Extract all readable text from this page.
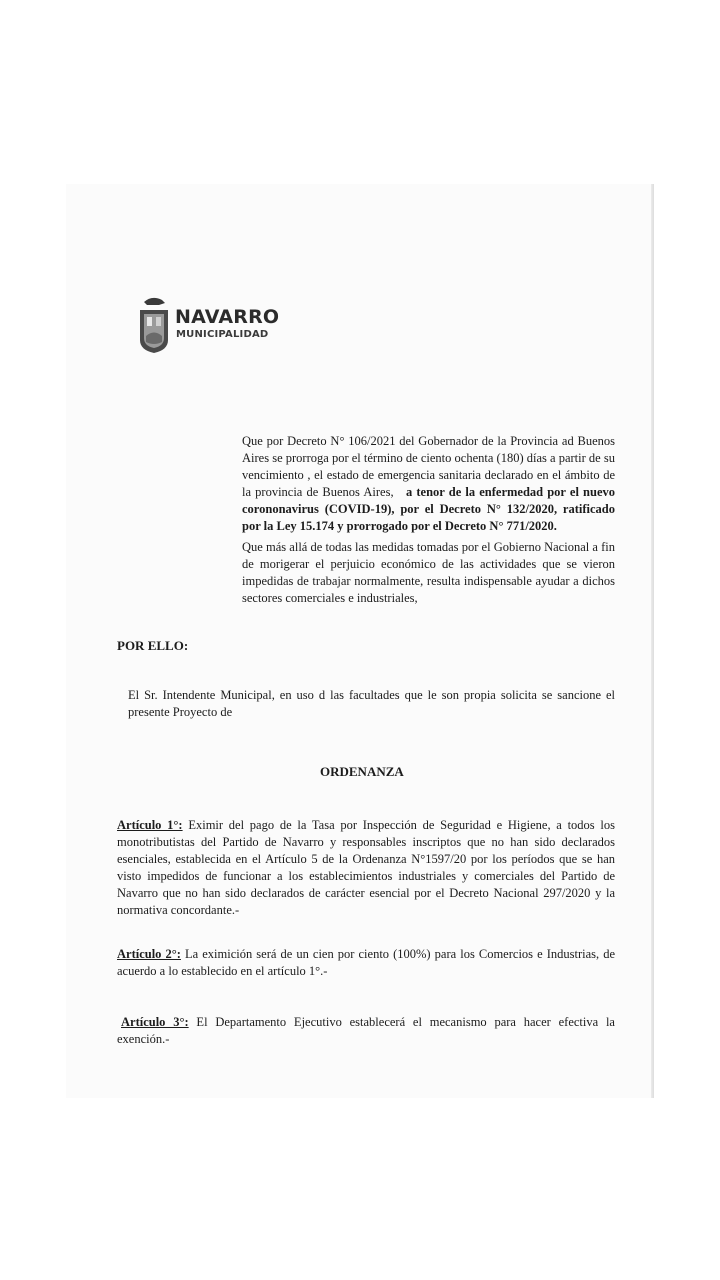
NAVARRO
MUNICIPALIDAD
Que por Decreto N° 106/2021 del Gobernador de la Provincia ad Buenos Aires se prorroga por el término de ciento ochenta (180) días a partir de su vencimiento , el estado de emergencia sanitaria declarado en el ámbito de la provincia de Buenos Aires, a tenor de la enfermedad por el nuevo corononavirus (COVID-19), por el Decreto N° 132/2020, ratificado por la Ley 15.174 y prorrogado por el Decreto N° 771/2020.
Que más allá de todas las medidas tomadas por el Gobierno Nacional a fin de morigerar el perjuicio económico de las actividades que se vieron impedidas de trabajar normalmente, resulta indispensable ayudar a dichos sectores comerciales e industriales,
POR ELLO:
El Sr. Intendente Municipal, en uso d las facultades que le son propia solicita se sancione el presente Proyecto de
ORDENANZA
Artículo 1°: Eximir del pago de la Tasa por Inspección de Seguridad e Higiene, a todos los monotributistas del Partido de Navarro y responsables inscriptos que no han sido declarados esenciales, establecida en el Artículo 5 de la Ordenanza N°1597/20 por los períodos que se han visto impedidos de funcionar a los establecimientos industriales y comerciales del Partido de Navarro que no han sido declarados de carácter esencial por el Decreto Nacional 297/2020 y la normativa concordante.-
Artículo 2°: La eximición será de un cien por ciento (100%) para los Comercios e Industrias, de acuerdo a lo establecido en el artículo 1°.-
Artículo 3°: El Departamento Ejecutivo establecerá el mecanismo para hacer efectiva la exención.-
